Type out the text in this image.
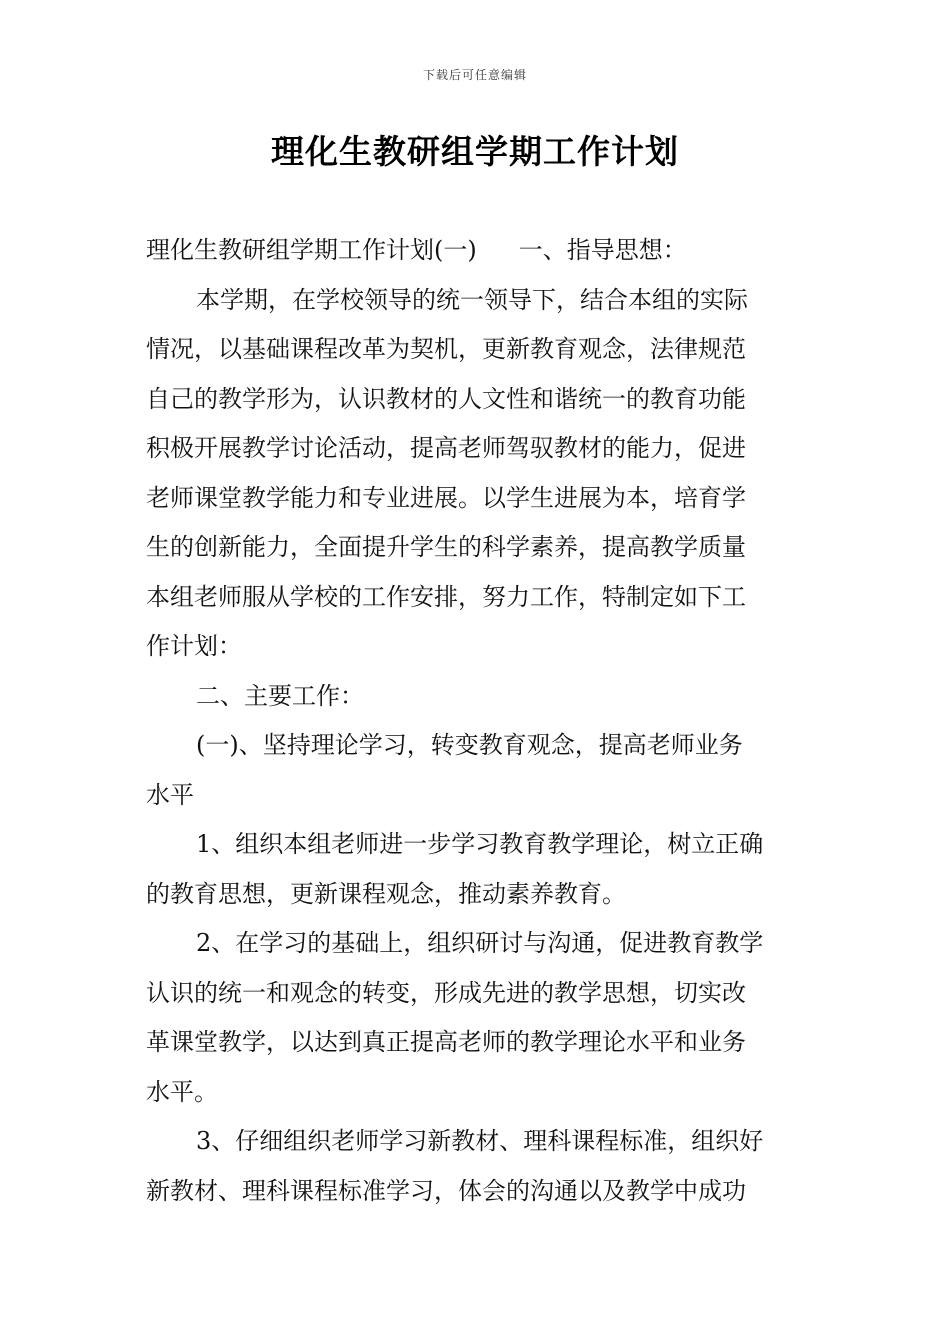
下载后可任意编辑
理化生教研组学期工作计划
理化生教研组学期工作计划(一) 一、指导思想：
本学期，在学校领导的统一领导下，结合本组的实际
情况，以基础课程改革为契机，更新教育观念，法律规范
自己的教学形为，认识教材的人文性和谐统一的教育功能
积极开展教学讨论活动，提高老师驾驭教材的能力，促进
老师课堂教学能力和专业进展。以学生进展为本，培育学
生的创新能力，全面提升学生的科学素养，提高教学质量
本组老师服从学校的工作安排，努力工作，特制定如下工
作计划：
二、主要工作：
(一)、坚持理论学习，转变教育观念，提高老师业务
水平
1、组织本组老师进一步学习教育教学理论，树立正确
的教育思想，更新课程观念，推动素养教育。
2、在学习的基础上，组织研讨与沟通，促进教育教学
认识的统一和观念的转变，形成先进的教学思想，切实改
革课堂教学，以达到真正提高老师的教学理论水平和业务
水平。
3、仔细组织老师学习新教材、理科课程标准，组织好
新教材、理科课程标准学习，体会的沟通以及教学中成功
